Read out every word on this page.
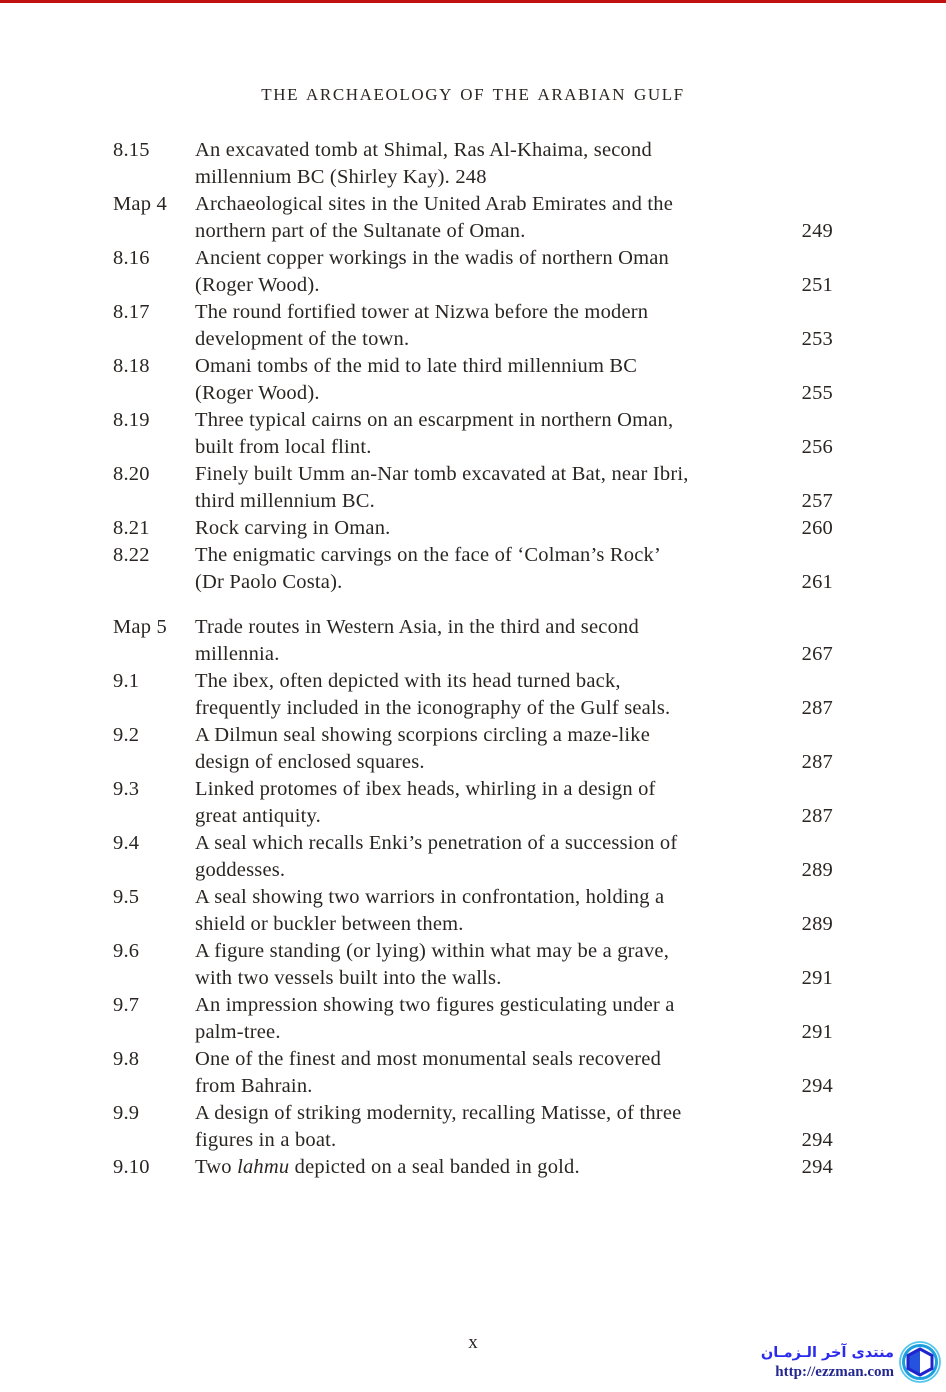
THE ARCHAEOLOGY OF THE ARABIAN GULF
8.15	An excavated tomb at Shimal, Ras Al-Khaima, second
millennium BC (Shirley Kay). 248
Map 4	Archaeological sites in the United Arab Emirates and the
northern part of the Sultanate of Oman.	249
8.16	Ancient copper workings in the wadis of northern Oman
(Roger Wood).	251
8.17	The round fortified tower at Nizwa before the modern
development of the town.	253
8.18	Omani tombs of the mid to late third millennium BC
(Roger Wood).	255
8.19	Three typical cairns on an escarpment in northern Oman,
built from local flint.	256
8.20	Finely built Umm an-Nar tomb excavated at Bat, near Ibri,
third millennium BC.	257
8.21	Rock carving in Oman.	260
8.22	The enigmatic carvings on the face of ‘Colman’s Rock’
(Dr Paolo Costa).	261
Map 5	Trade routes in Western Asia, in the third and second
millennia.	267
9.1	The ibex, often depicted with its head turned back,
frequently included in the iconography of the Gulf seals.	287
9.2	A Dilmun seal showing scorpions circling a maze-like
design of enclosed squares.	287
9.3	Linked protomes of ibex heads, whirling in a design of
great antiquity.	287
9.4	A seal which recalls Enki’s penetration of a succession of
goddesses.	289
9.5	A seal showing two warriors in confrontation, holding a
shield or buckler between them.	289
9.6	A figure standing (or lying) within what may be a grave,
with two vessels built into the walls.	291
9.7	An impression showing two figures gesticulating under a
palm-tree.	291
9.8	One of the finest and most monumental seals recovered
from Bahrain.	294
9.9	A design of striking modernity, recalling Matisse, of three
figures in a boat.	294
9.10	Two lahmu depicted on a seal banded in gold.	294
x	منتدى آخر الـزمـان
http://ezzman.com
